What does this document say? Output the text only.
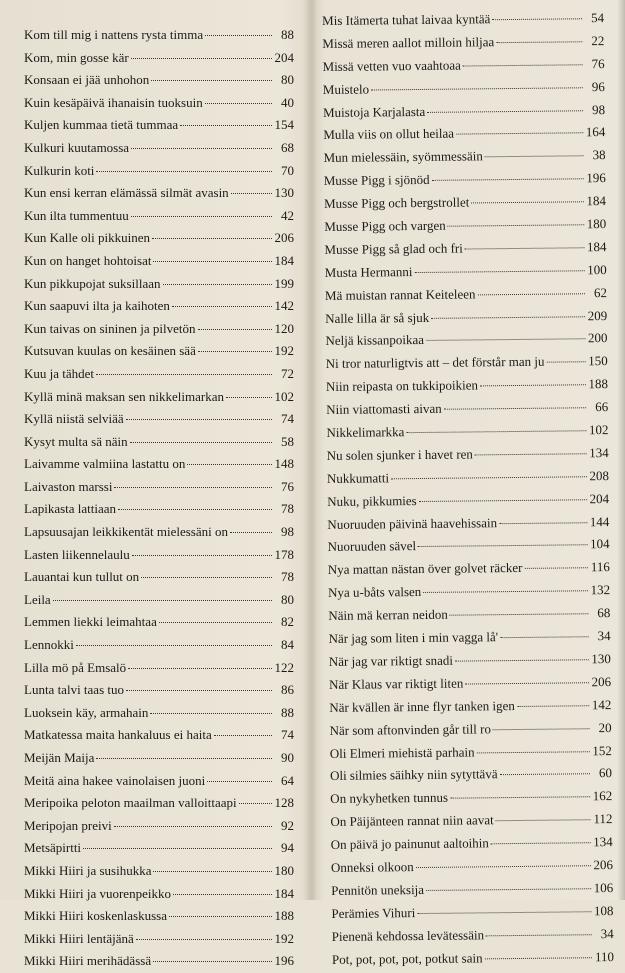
Kom till mig i nattens rysta timma	88
Kom, min gosse kär	204
Konsaan ei jää unhohon	80
Kuin kesäpäivä ihanaisin tuoksuin	40
Kuljen kummaa tietä tummaa	154
Kulkuri kuutamossa	68
Kulkurin koti	70
Kun ensi kerran elämässä silmät avasin	130
Kun ilta tummentuu	42
Kun Kalle oli pikkuinen	206
Kun on hanget hohtoisat	184
Kun pikkupojat suksillaan	199
Kun saapuvi ilta ja kaihoten	142
Kun taivas on sininen ja pilvetön	120
Kutsuvan kuulas on kesäinen sää	192
Kuu ja tähdet	72
Kyllä minä maksan sen nikkelimarkan	102
Kyllä niistä selviää	74
Kysyt multa sä näin	58
Laivamme valmiina lastattu on	148
Laivaston marssi	76
Lapikasta lattiaan	78
Lapsuusajan leikkikentät mielessäni on	98
Lasten liikennelaulu	178
Lauantai kun tullut on	78
Leila	80
Lemmen liekki leimahtaa	82
Lennokki	84
Lilla mö på Emsalö	122
Lunta talvi taas tuo	86
Luoksein käy, armahain	88
Matkatessa maita hankaluus ei haita	74
Meijän Maija	90
Meitä aina hakee vainolaisen juoni	64
Meripoika peloton maailman valloittaapi	128
Meripojan preivi	92
Metsäpirtti	94
Mikki Hiiri ja susihukka	180
Mikki Hiiri ja vuorenpeikko	184
Mikki Hiiri koskenlaskussa	188
Mikki Hiiri lentäjänä	192
Mikki Hiiri merihädässä	196
Mis Itämerta tuhat laivaa kyntää	54
Missä meren aallot milloin hiljaa	22
Missä vetten vuo vaahtoaa	76
Muistelo	96
Muistoja Karjalasta	98
Mulla viis on ollut heilaa	164
Mun mielessäin, syömmessäin	38
Musse Pigg i sjönöd	196
Musse Pigg och bergstrollet	184
Musse Pigg och vargen	180
Musse Pigg så glad och fri	184
Musta Hermanni	100
Mä muistan rannat Keiteleen	62
Nalle lilla är så sjuk	209
Neljä kissanpoikaa	200
Ni tror naturligtvis att – det förstår man ju	150
Niin reipasta on tukkipoikien	188
Niin viattomasti aivan	66
Nikkelimarkka	102
Nu solen sjunker i havet ren	134
Nukkumatti	208
Nuku, pikkumies	204
Nuoruuden päivinä haavehissain	144
Nuoruuden sävel	104
Nya mattan nästan över golvet räcker	116
Nya u-båts valsen	132
Näin mä kerran neidon	68
När jag som liten i min vagga lå'	34
När jag var riktigt snadi	130
När Klaus var riktigt liten	206
När kvällen är inne flyr tanken igen	142
När som aftonvinden går till ro	20
Oli Elmeri miehistä parhain	152
Oli silmies säihky niin sytyttävä	60
On nykyhetken tunnus	162
On Päijänteen rannat niin aavat	112
On päivä jo painunut aaltoihin	134
Onneksi olkoon	206
Pennitön uneksija	106
Perämies Vihuri	108
Pienenä kehdossa levätessäin	34
Pot, pot, pot, pot, potkut sain	110
